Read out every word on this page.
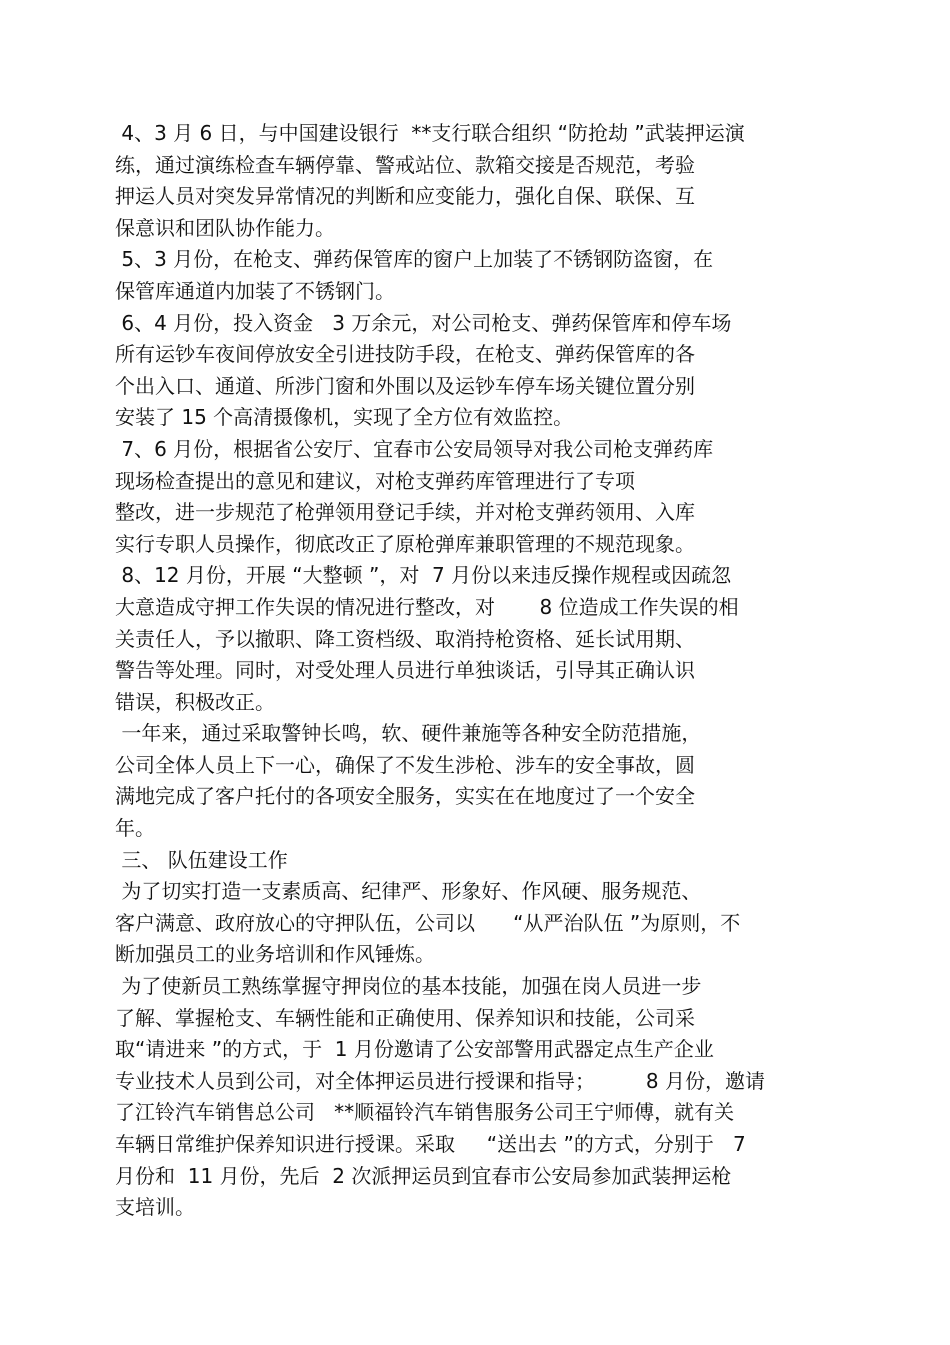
4、3 月 6 日，与中国建设银行  **支行联合组织 “防抢劫 ”武装押运演

练，通过演练检查车辆停靠、警戒站位、款箱交接是否规范，考验

押运人员对突发异常情况的判断和应变能力，强化自保、联保、互

保意识和团队协作能力。

5、3 月份，在枪支、弹药保管库的窗户上加装了不锈钢防盗窗，在

保管库通道内加装了不锈钢门。

6、4 月份，投入资金   3 万余元，对公司枪支、弹药保管库和停车场

所有运钞车夜间停放安全引进技防手段，在枪支、弹药保管库的各

个出入口、通道、所涉门窗和外围以及运钞车停车场关键位置分别

安装了 15 个高清摄像机，实现了全方位有效监控。

7、6 月份，根据省公安厅、宜春市公安局领导对我公司枪支弹药库

现场检查提出的意见和建议，对枪支弹药库管理进行了专项

整改，进一步规范了枪弹领用登记手续，并对枪支弹药领用、入库

实行专职人员操作，彻底改正了原枪弹库兼职管理的不规范现象。

8、12 月份，开展 “大整顿 ”，对  7 月份以来违反操作规程或因疏忽

大意造成守押工作失误的情况进行整改，对       8 位造成工作失误的相

关责任人，予以撤职、降工资档级、取消持枪资格、延长试用期、

警告等处理。同时，对受处理人员进行单独谈话，引导其正确认识

错误，积极改正。

一年来，通过采取警钟长鸣，软、硬件兼施等各种安全防范措施，

公司全体人员上下一心，确保了不发生涉枪、涉车的安全事故，圆

满地完成了客户托付的各项安全服务，实实在在地度过了一个安全

年。

三、 队伍建设工作

为了切实打造一支素质高、纪律严、形象好、作风硬、服务规范、

客户满意、政府放心的守押队伍，公司以      “从严治队伍 ”为原则，不

断加强员工的业务培训和作风锤炼。

为了使新员工熟练掌握守押岗位的基本技能，加强在岗人员进一步

了解、掌握枪支、车辆性能和正确使用、保养知识和技能，公司采

取“请进来 ”的方式，于  1 月份邀请了公安部警用武器定点生产企业

专业技术人员到公司，对全体押运员进行授课和指导；        8 月份，邀请

了江铃汽车销售总公司   **顺福铃汽车销售服务公司王宁师傅，就有关

车辆日常维护保养知识进行授课。采取     “送出去 ”的方式，分别于   7

月份和  11 月份，先后  2 次派押运员到宜春市公安局参加武装押运枪

支培训。
